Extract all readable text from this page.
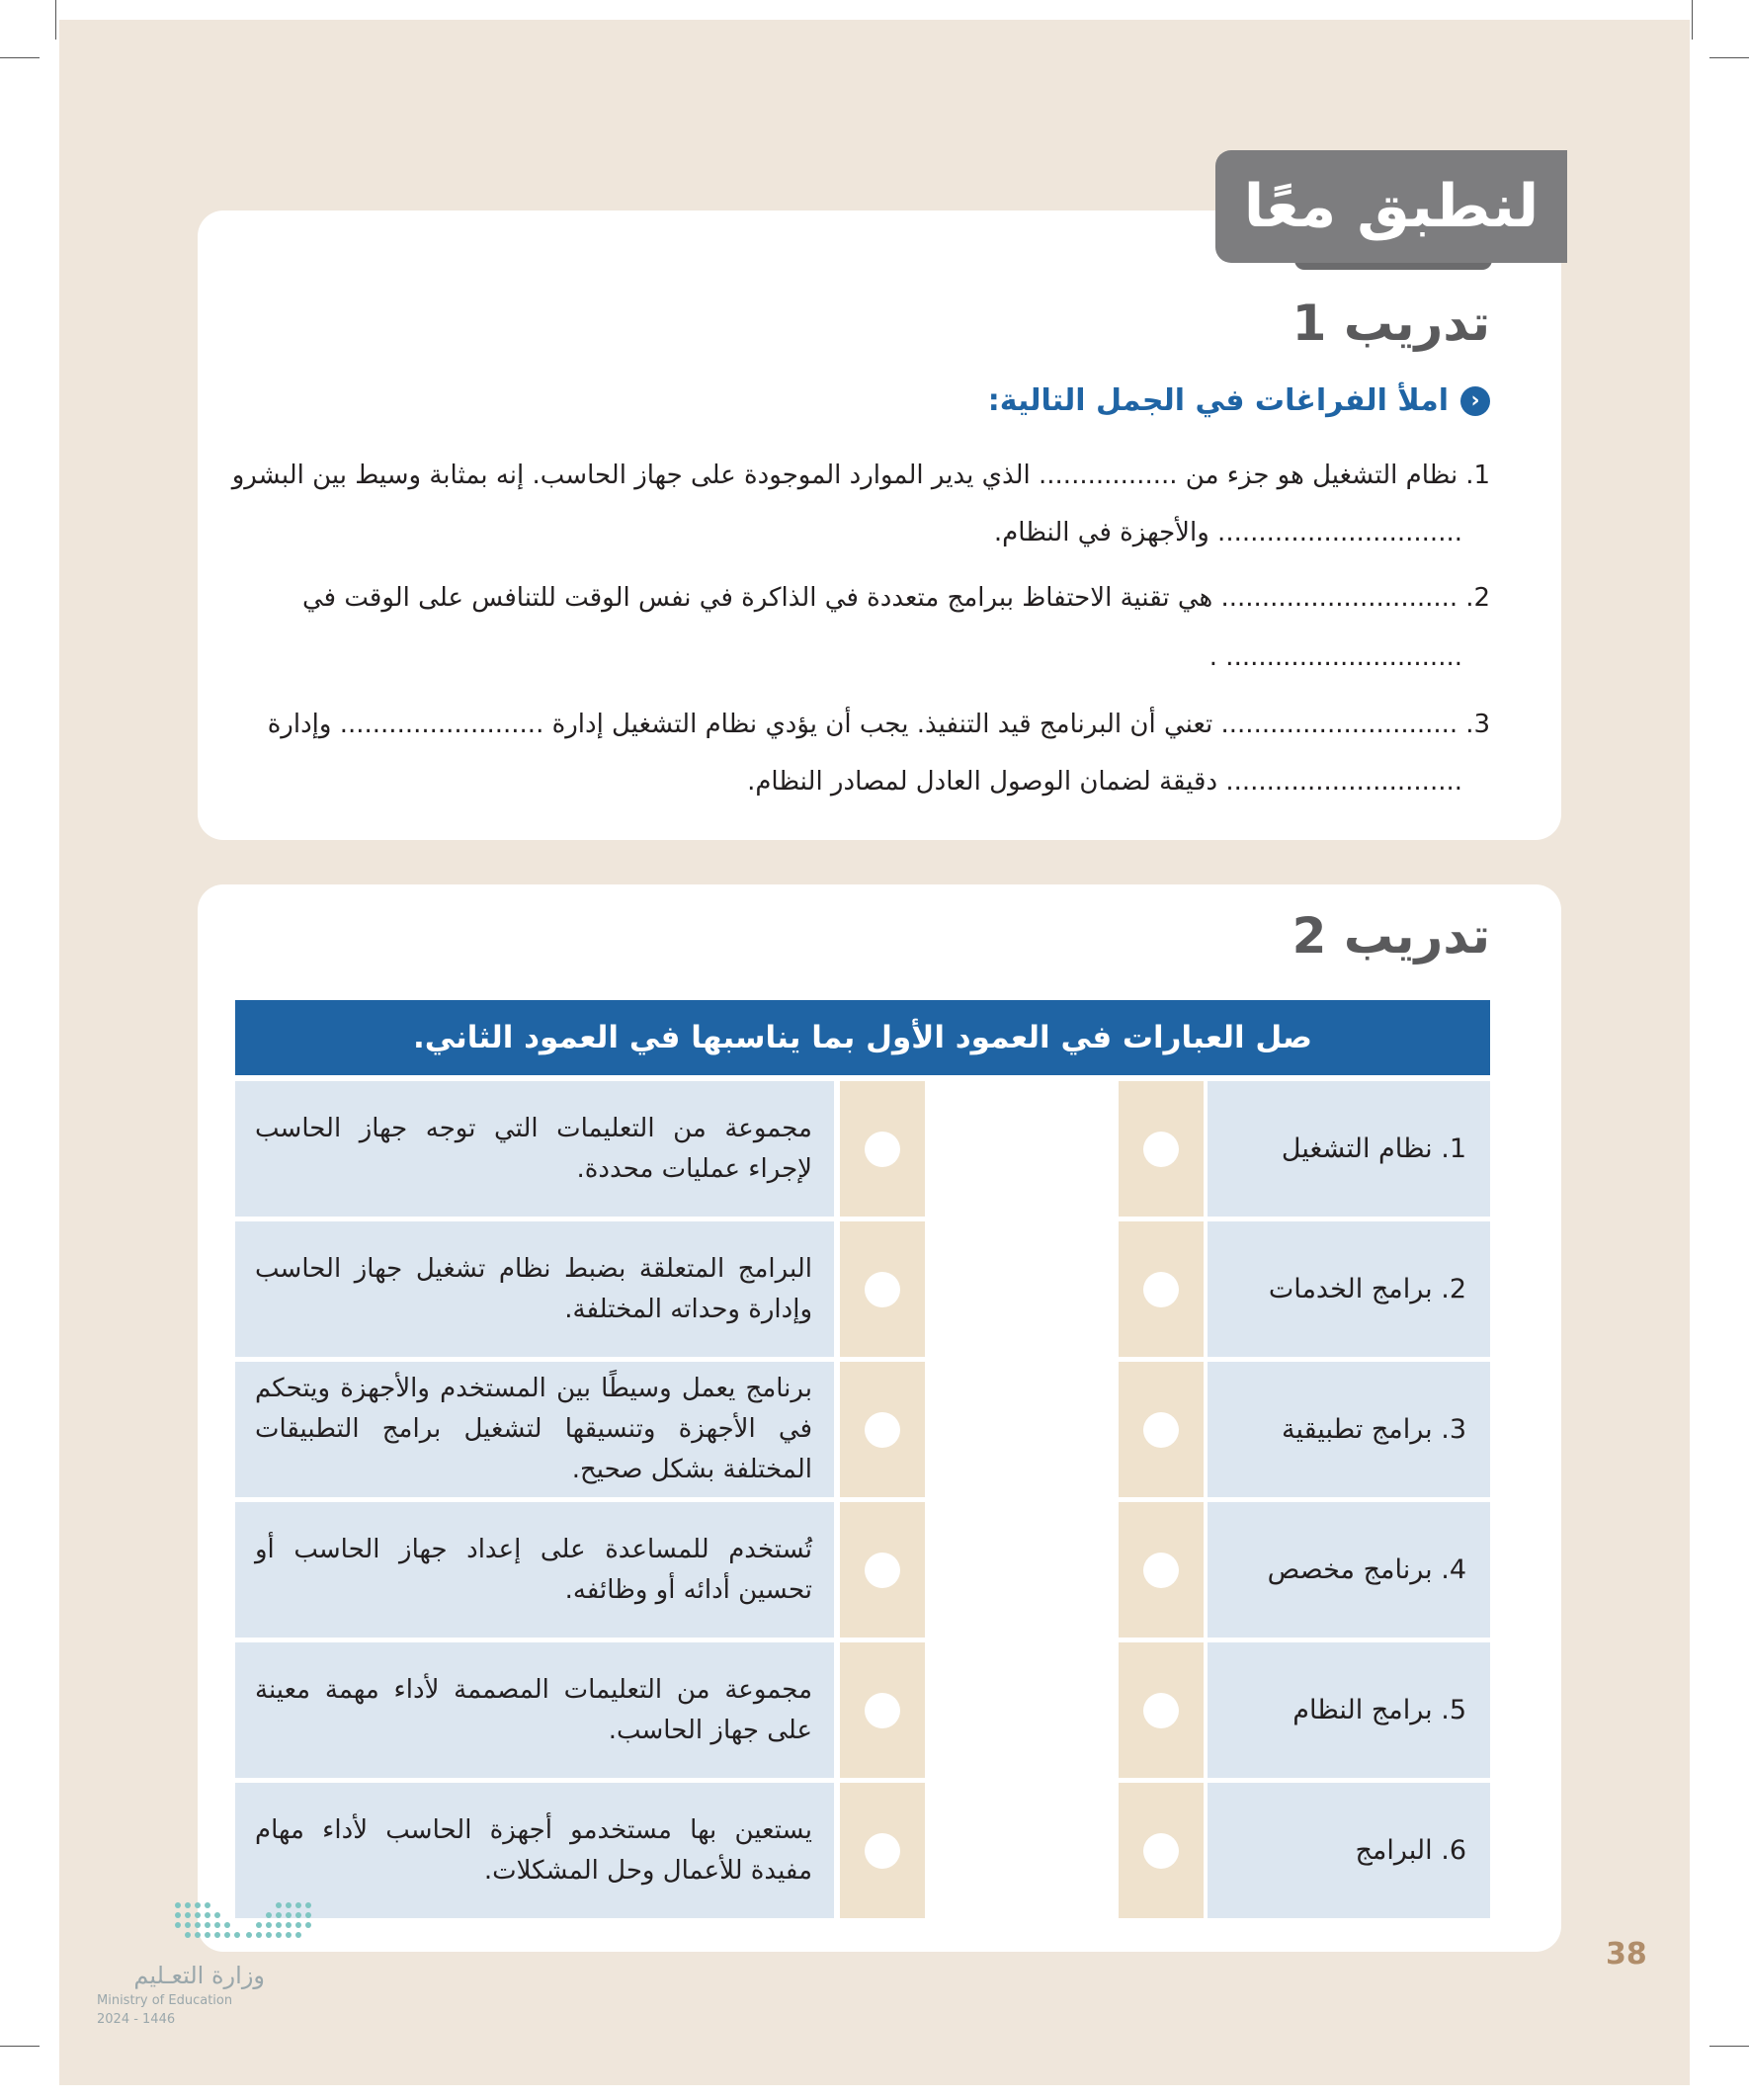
لنطبق معًا
تدريب 1
‹
املأ الفراغات في الجمل التالية:
1.نظام التشغيل هو جزء من ................. الذي يدير الموارد الموجودة على جهاز الحاسب. إنه بمثابة وسيط بين البشرو
.............................. والأجهزة في النظام.
2.............................. هي تقنية الاحتفاظ ببرامج متعددة في الذاكرة في نفس الوقت للتنافس على الوقت في
............................. .
3.............................. تعني أن البرنامج قيد التنفيذ. يجب أن يؤدي نظام التشغيل إدارة ......................... وإدارة
............................. دقيقة لضمان الوصول العادل لمصادر النظام.
تدريب 2
صل العبارات في العمود الأول بما يناسبها في العمود الثاني.
1. نظام التشغيل
مجموعة من التعليمات التي توجه جهاز الحاسب لإجراء عمليات محددة.
2. برامج الخدمات
البرامج المتعلقة بضبط نظام تشغيل جهاز الحاسب وإدارة وحداته المختلفة.
3. برامج تطبيقية
برنامج يعمل وسيطًا بين المستخدم والأجهزة ويتحكم في الأجهزة وتنسيقها لتشغيل برامج التطبيقات المختلفة بشكل صحيح.
4. برنامج مخصص
تُستخدم للمساعدة على إعداد جهاز الحاسب أو تحسين أدائه أو وظائفه.
5. برامج النظام
مجموعة من التعليمات المصممة لأداء مهمة معينة على جهاز الحاسب.
6. البرامج
يستعين بها مستخدمو أجهزة الحاسب لأداء مهام مفيدة للأعمال وحل المشكلات.
وزارة التعـليم
Ministry of Education
2024 - 1446
38
